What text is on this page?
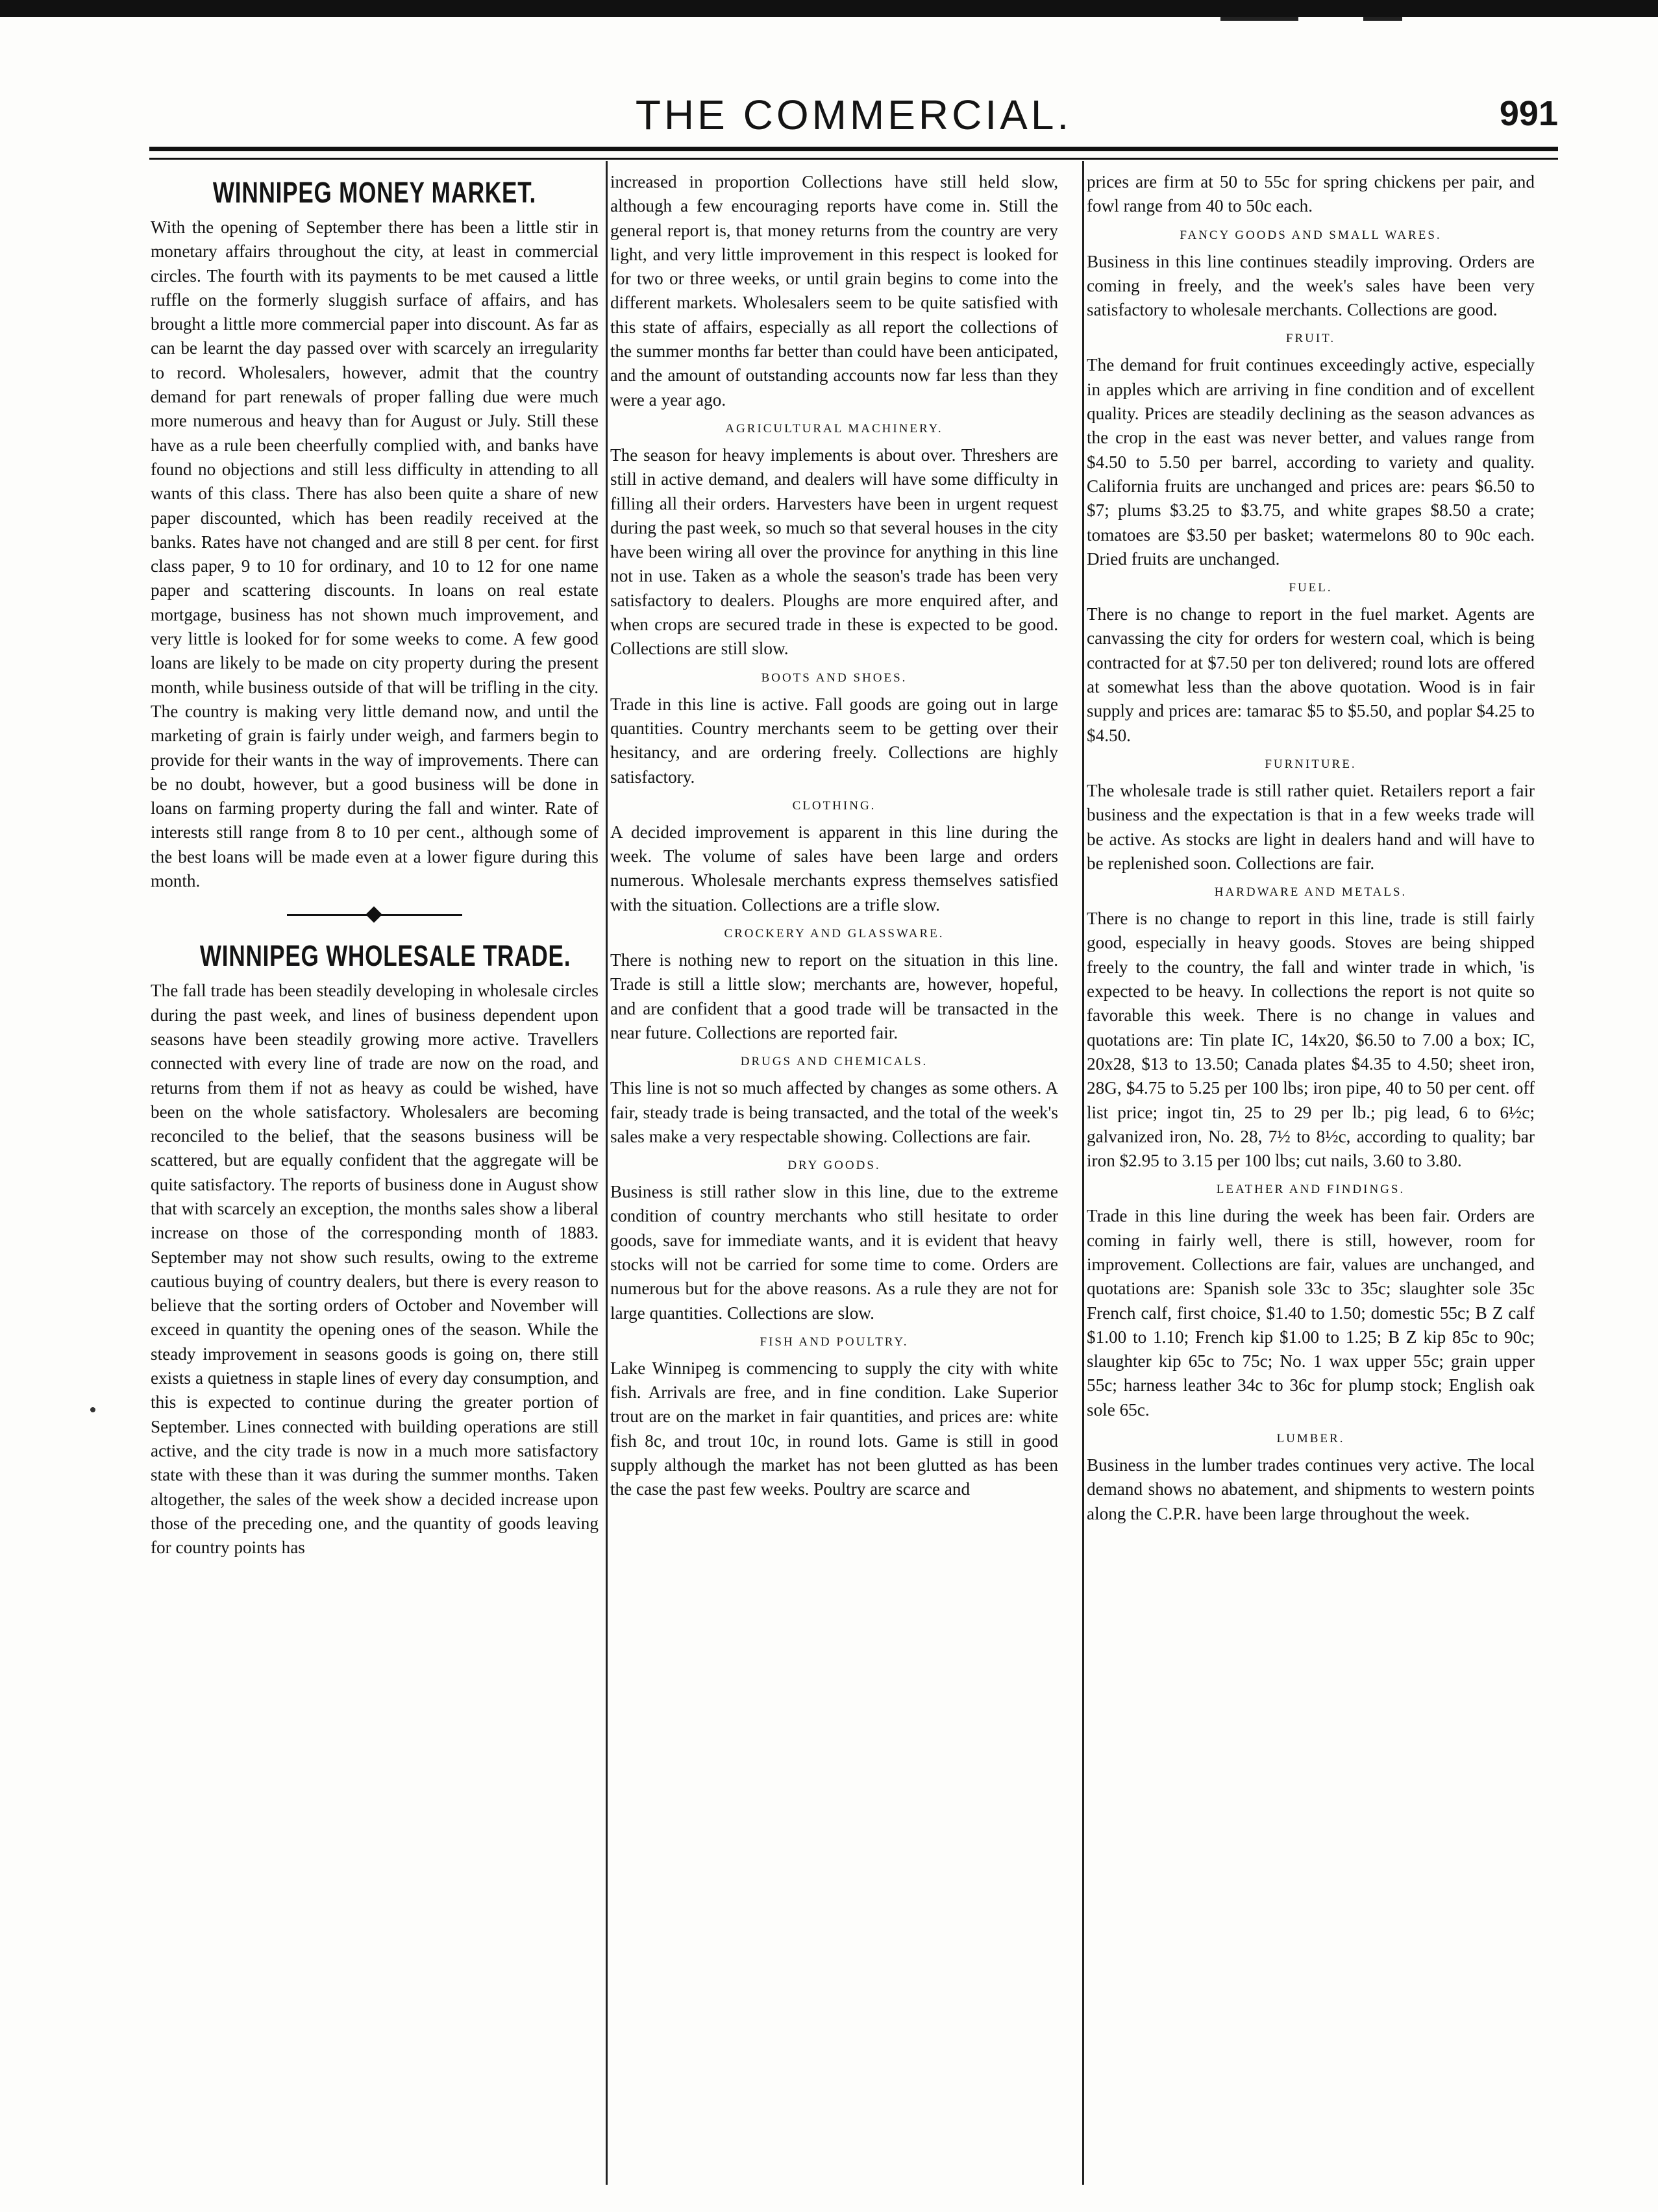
THE COMMERCIAL.	991
WINNIPEG MONEY MARKET.

With the opening of September there has been a little stir in monetary affairs throughout the city, at least in commercial circles. The fourth with its payments to be met caused a little ruffle on the formerly sluggish surface of affairs, and has brought a little more commercial paper into discount. As far as can be learnt the day passed over with scarcely an irregularity to record. Wholesalers, however, admit that the country demand for part renewals of proper falling due were much more numerous and heavy than for August or July. Still these have as a rule been cheerfully complied with, and banks have found no objections and still less difficulty in attending to all wants of this class. There has also been quite a share of new paper discounted, which has been readily received at the banks. Rates have not changed and are still 8 per cent. for first class paper, 9 to 10 for ordinary, and 10 to 12 for one name paper and scattering discounts. In loans on real estate mortgage, business has not shown much improvement, and very little is looked for for some weeks to come. A few good loans are likely to be made on city property during the present month, while business outside of that will be trifling in the city. The country is making very little demand now, and until the marketing of grain is fairly under weigh, and farmers begin to provide for their wants in the way of improvements. There can be no doubt, however, but a good business will be done in loans on farming property during the fall and winter. Rate of interests still range from 8 to 10 per cent., although some of the best loans will be made even at a lower figure during this month.

WINNIPEG WHOLESALE TRADE.

The fall trade has been steadily developing in wholesale circles during the past week, and lines of business dependent upon seasons have been steadily growing more active. Travellers connected with every line of trade are now on the road, and returns from them if not as heavy as could be wished, have been on the whole satisfactory. Wholesalers are becoming reconciled to the belief, that the seasons business will be scattered, but are equally confident that the aggregate will be quite satisfactory. The reports of business done in August show that with scarcely an exception, the months sales show a liberal increase on those of the corresponding month of 1883. September may not show such results, owing to the extreme cautious buying of country dealers, but there is every reason to believe that the sorting orders of October and November will exceed in quantity the opening ones of the season. While the steady improvement in seasons goods is going on, there still exists a quietness in staple lines of every day consumption, and this is expected to continue during the greater portion of September. Lines connected with building operations are still active, and the city trade is now in a much more satisfactory state with these than it was during the summer months. Taken altogether, the sales of the week show a decided increase upon those of the preceding one, and the quantity of goods leaving for country points has

increased in proportion Collections have still held slow, although a few encouraging reports have come in. Still the general report is, that money returns from the country are very light, and very little improvement in this respect is looked for for two or three weeks, or until grain begins to come into the different markets. Wholesalers seem to be quite satisfied with this state of affairs, especially as all report the collections of the summer months far better than could have been anticipated, and the amount of outstanding accounts now far less than they were a year ago.

AGRICULTURAL MACHINERY.

The season for heavy implements is about over. Threshers are still in active demand, and dealers will have some difficulty in filling all their orders. Harvesters have been in urgent request during the past week, so much so that several houses in the city have been wiring all over the province for anything in this line not in use. Taken as a whole the season's trade has been very satisfactory to dealers. Ploughs are more enquired after, and when crops are secured trade in these is expected to be good. Collections are still slow.

BOOTS AND SHOES.

Trade in this line is active. Fall goods are going out in large quantities. Country merchants seem to be getting over their hesitancy, and are ordering freely. Collections are highly satisfactory.

CLOTHING.

A decided improvement is apparent in this line during the week. The volume of sales have been large and orders numerous. Wholesale merchants express themselves satisfied with the situation. Collections are a trifle slow.

CROCKERY AND GLASSWARE.

There is nothing new to report on the situation in this line. Trade is still a little slow; merchants are, however, hopeful, and are confident that a good trade will be transacted in the near future. Collections are reported fair.

DRUGS AND CHEMICALS.

This line is not so much affected by changes as some others. A fair, steady trade is being transacted, and the total of the week's sales make a very respectable showing. Collections are fair.

DRY GOODS.

Business is still rather slow in this line, due to the extreme condition of country merchants who still hesitate to order goods, save for immediate wants, and it is evident that heavy stocks will not be carried for some time to come. Orders are numerous but for the above reasons. As a rule they are not for large quantities. Collections are slow.

FISH AND POULTRY.

Lake Winnipeg is commencing to supply the city with white fish. Arrivals are free, and in fine condition. Lake Superior trout are on the market in fair quantities, and prices are: white fish 8c, and trout 10c, in round lots. Game is still in good supply although the market has not been glutted as has been the case the past few weeks. Poultry are scarce and

prices are firm at 50 to 55c for spring chickens per pair, and fowl range from 40 to 50c each.

FANCY GOODS AND SMALL WARES.

Business in this line continues steadily improving. Orders are coming in freely, and the week's sales have been very satisfactory to wholesale merchants. Collections are good.

FRUIT.

The demand for fruit continues exceedingly active, especially in apples which are arriving in fine condition and of excellent quality. Prices are steadily declining as the season advances as the crop in the east was never better, and values range from $4.50 to 5.50 per barrel, according to variety and quality. California fruits are unchanged and prices are: pears $6.50 to $7; plums $3.25 to $3.75, and white grapes $8.50 a crate; tomatoes are $3.50 per basket; watermelons 80 to 90c each. Dried fruits are unchanged.

FUEL.

There is no change to report in the fuel market. Agents are canvassing the city for orders for western coal, which is being contracted for at $7.50 per ton delivered; round lots are offered at somewhat less than the above quotation. Wood is in fair supply and prices are: tamarac $5 to $5.50, and poplar $4.25 to $4.50.

FURNITURE.

The wholesale trade is still rather quiet. Retailers report a fair business and the expectation is that in a few weeks trade will be active. As stocks are light in dealers hand and will have to be replenished soon. Collections are fair.

HARDWARE AND METALS.

There is no change to report in this line, trade is still fairly good, especially in heavy goods. Stoves are being shipped freely to the country, the fall and winter trade in which, 'is expected to be heavy. In collections the report is not quite so favorable this week. There is no change in values and quotations are: Tin plate IC, 14x20, $6.50 to 7.00 a box; IC, 20x28, $13 to 13.50; Canada plates $4.35 to 4.50; sheet iron, 28G, $4.75 to 5.25 per 100 lbs; iron pipe, 40 to 50 per cent. off list price; ingot tin, 25 to 29 per lb.; pig lead, 6 to 6½c; galvanized iron, No. 28, 7½ to 8½c, according to quality; bar iron $2.95 to 3.15 per 100 lbs; cut nails, 3.60 to 3.80.

LEATHER AND FINDINGS.

Trade in this line during the week has been fair. Orders are coming in fairly well, there is still, however, room for improvement. Collections are fair, values are unchanged, and quotations are: Spanish sole 33c to 35c; slaughter sole 35c French calf, first choice, $1.40 to 1.50; domestic 55c; B Z calf $1.00 to 1.10; French kip $1.00 to 1.25; B Z kip 85c to 90c; slaughter kip 65c to 75c; No. 1 wax upper 55c; grain upper 55c; harness leather 34c to 36c for plump stock; English oak sole 65c.

LUMBER.

Business in the lumber trades continues very active. The local demand shows no abatement, and shipments to western points along the C.P.R. have been large throughout the week.
